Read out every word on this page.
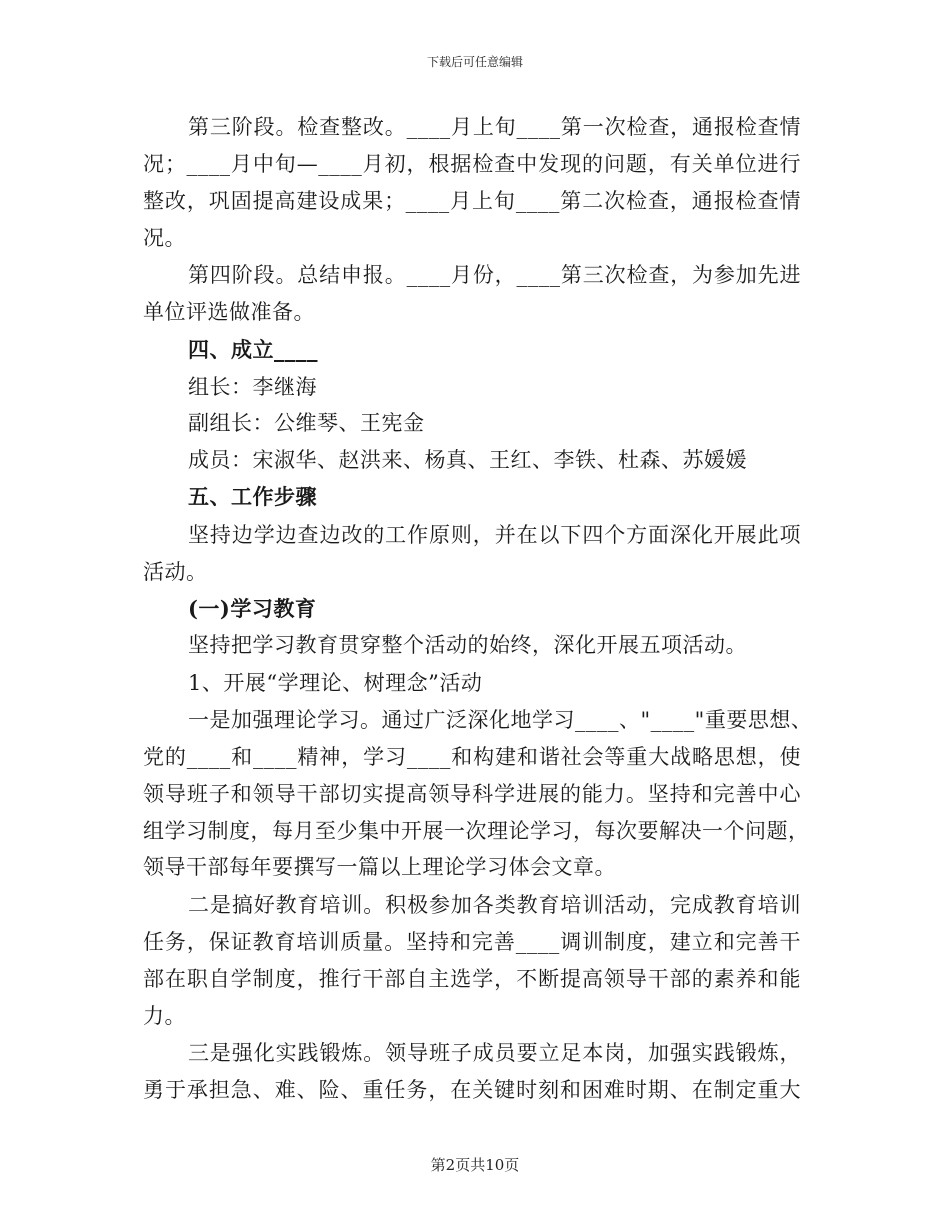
下载后可任意编辑
第三阶段。检查整改。____月上旬____第一次检查，通报检查情
况；____月中旬—____月初，根据检查中发现的问题，有关单位进行
整改，巩固提高建设成果；____月上旬____第二次检查，通报检查情
况。
第四阶段。总结申报。____月份，____第三次检查，为参加先进
单位评选做准备。
四、成立____
组长：李继海
副组长：公维琴、王宪金
成员：宋淑华、赵洪来、杨真、王红、李铁、杜森、苏媛媛
五、工作步骤
坚持边学边查边改的工作原则，并在以下四个方面深化开展此项
活动。
(一)学习教育
坚持把学习教育贯穿整个活动的始终，深化开展五项活动。
1、开展“学理论、树理念”活动
一是加强理论学习。通过广泛深化地学习____、"____"重要思想、
党的____和____精神，学习____和构建和谐社会等重大战略思想，使
领导班子和领导干部切实提高领导科学进展的能力。坚持和完善中心
组学习制度，每月至少集中开展一次理论学习，每次要解决一个问题，
领导干部每年要撰写一篇以上理论学习体会文章。
二是搞好教育培训。积极参加各类教育培训活动，完成教育培训
任务，保证教育培训质量。坚持和完善____调训制度，建立和完善干
部在职自学制度，推行干部自主选学，不断提高领导干部的素养和能
力。
三是强化实践锻炼。领导班子成员要立足本岗，加强实践锻炼，
勇于承担急、难、险、重任务，在关键时刻和困难时期、在制定重大
第2页共10页
